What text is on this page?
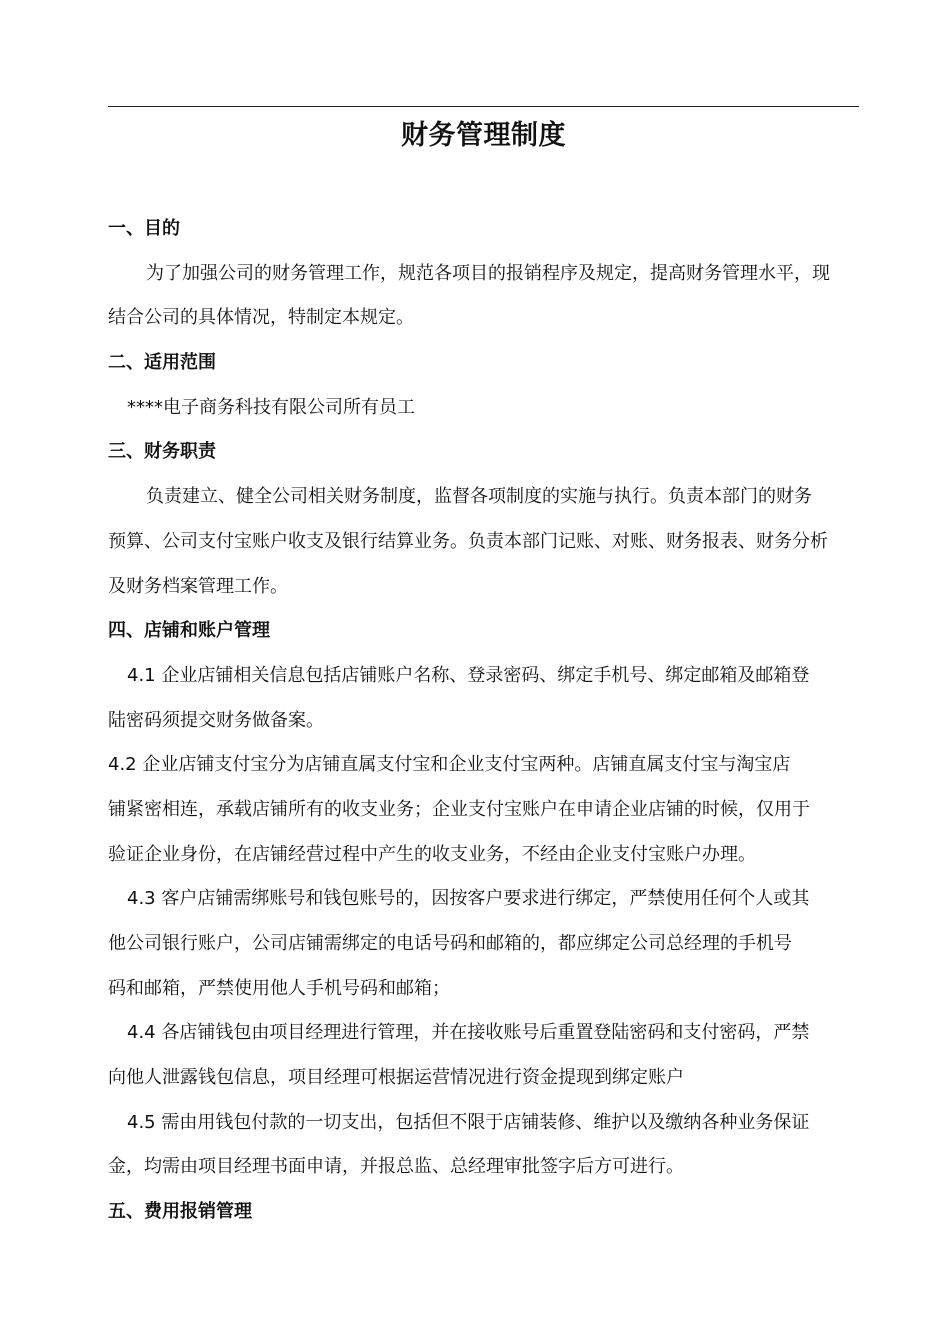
财务管理制度
一、目的
为了加强公司的财务管理工作，规范各项目的报销程序及规定，提高财务管理水平，现
结合公司的具体情况，特制定本规定。
二、适用范围
****电子商务科技有限公司所有员工
三、财务职责
负责建立、健全公司相关财务制度，监督各项制度的实施与执行。负责本部门的财务
预算、公司支付宝账户收支及银行结算业务。负责本部门记账、对账、财务报表、财务分析
及财务档案管理工作。
四、店铺和账户管理
4.1 企业店铺相关信息包括店铺账户名称、登录密码、绑定手机号、绑定邮箱及邮箱登
陆密码须提交财务做备案。
4.2 企业店铺支付宝分为店铺直属支付宝和企业支付宝两种。店铺直属支付宝与淘宝店
铺紧密相连，承载店铺所有的收支业务；企业支付宝账户在申请企业店铺的时候，仅用于
验证企业身份，在店铺经营过程中产生的收支业务，不经由企业支付宝账户办理。
4.3 客户店铺需绑账号和钱包账号的，因按客户要求进行绑定，严禁使用任何个人或其
他公司银行账户，公司店铺需绑定的电话号码和邮箱的，都应绑定公司总经理的手机号
码和邮箱，严禁使用他人手机号码和邮箱；
4.4 各店铺钱包由项目经理进行管理，并在接收账号后重置登陆密码和支付密码，严禁
向他人泄露钱包信息，项目经理可根据运营情况进行资金提现到绑定账户
4.5 需由用钱包付款的一切支出，包括但不限于店铺装修、维护以及缴纳各种业务保证
金，均需由项目经理书面申请，并报总监、总经理审批签字后方可进行。
五、费用报销管理
